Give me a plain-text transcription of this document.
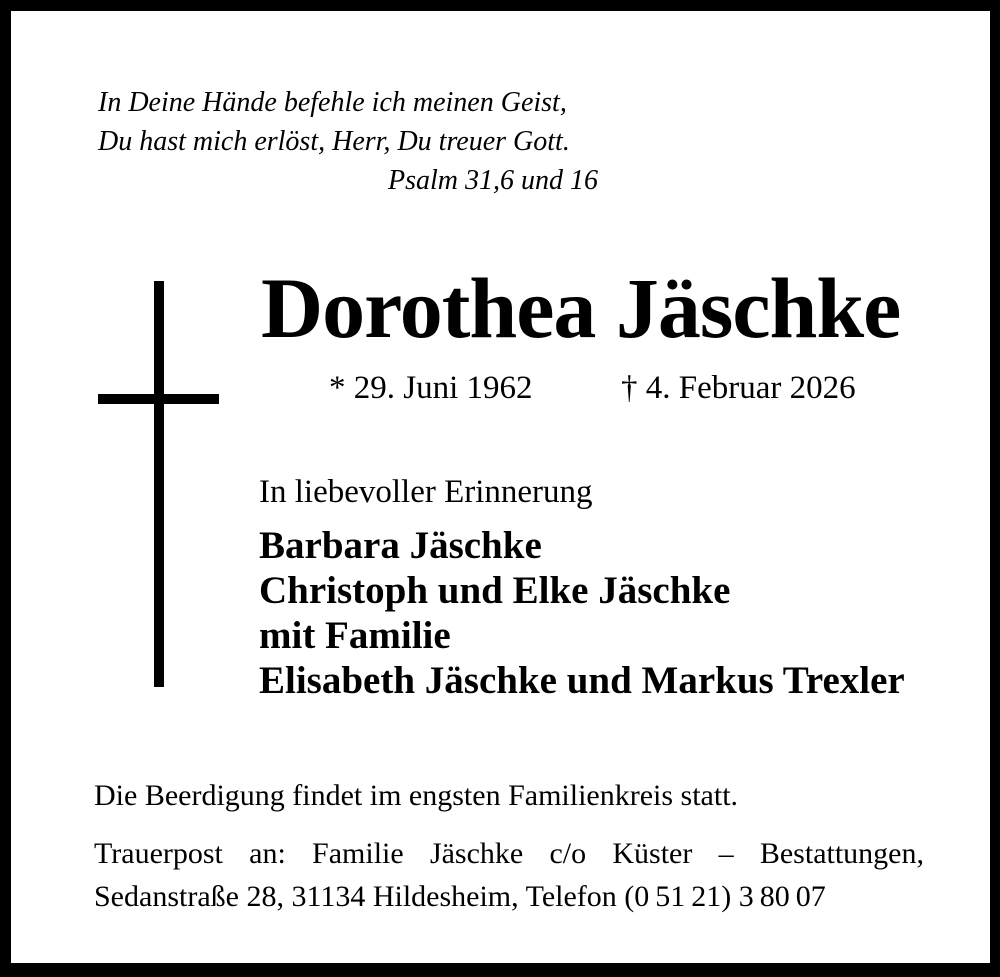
In Deine Hände befehle ich meinen Geist,
Du hast mich erlöst, Herr, Du treuer Gott.
Psalm 31,6 und 16
Dorothea Jäschke
* 29. Juni 1962	† 4. Februar 2026
In liebevoller Erinnerung
Barbara Jäschke
Christoph und Elke Jäschke
mit Familie
Elisabeth Jäschke und Markus Trexler
Die Beerdigung findet im engsten Familienkreis statt.
Trauerpost an: Familie Jäschke c/o Küster – Bestattungen,
Sedanstraße 28, 31134 Hildesheim, Telefon (0 51 21) 3 80 07
